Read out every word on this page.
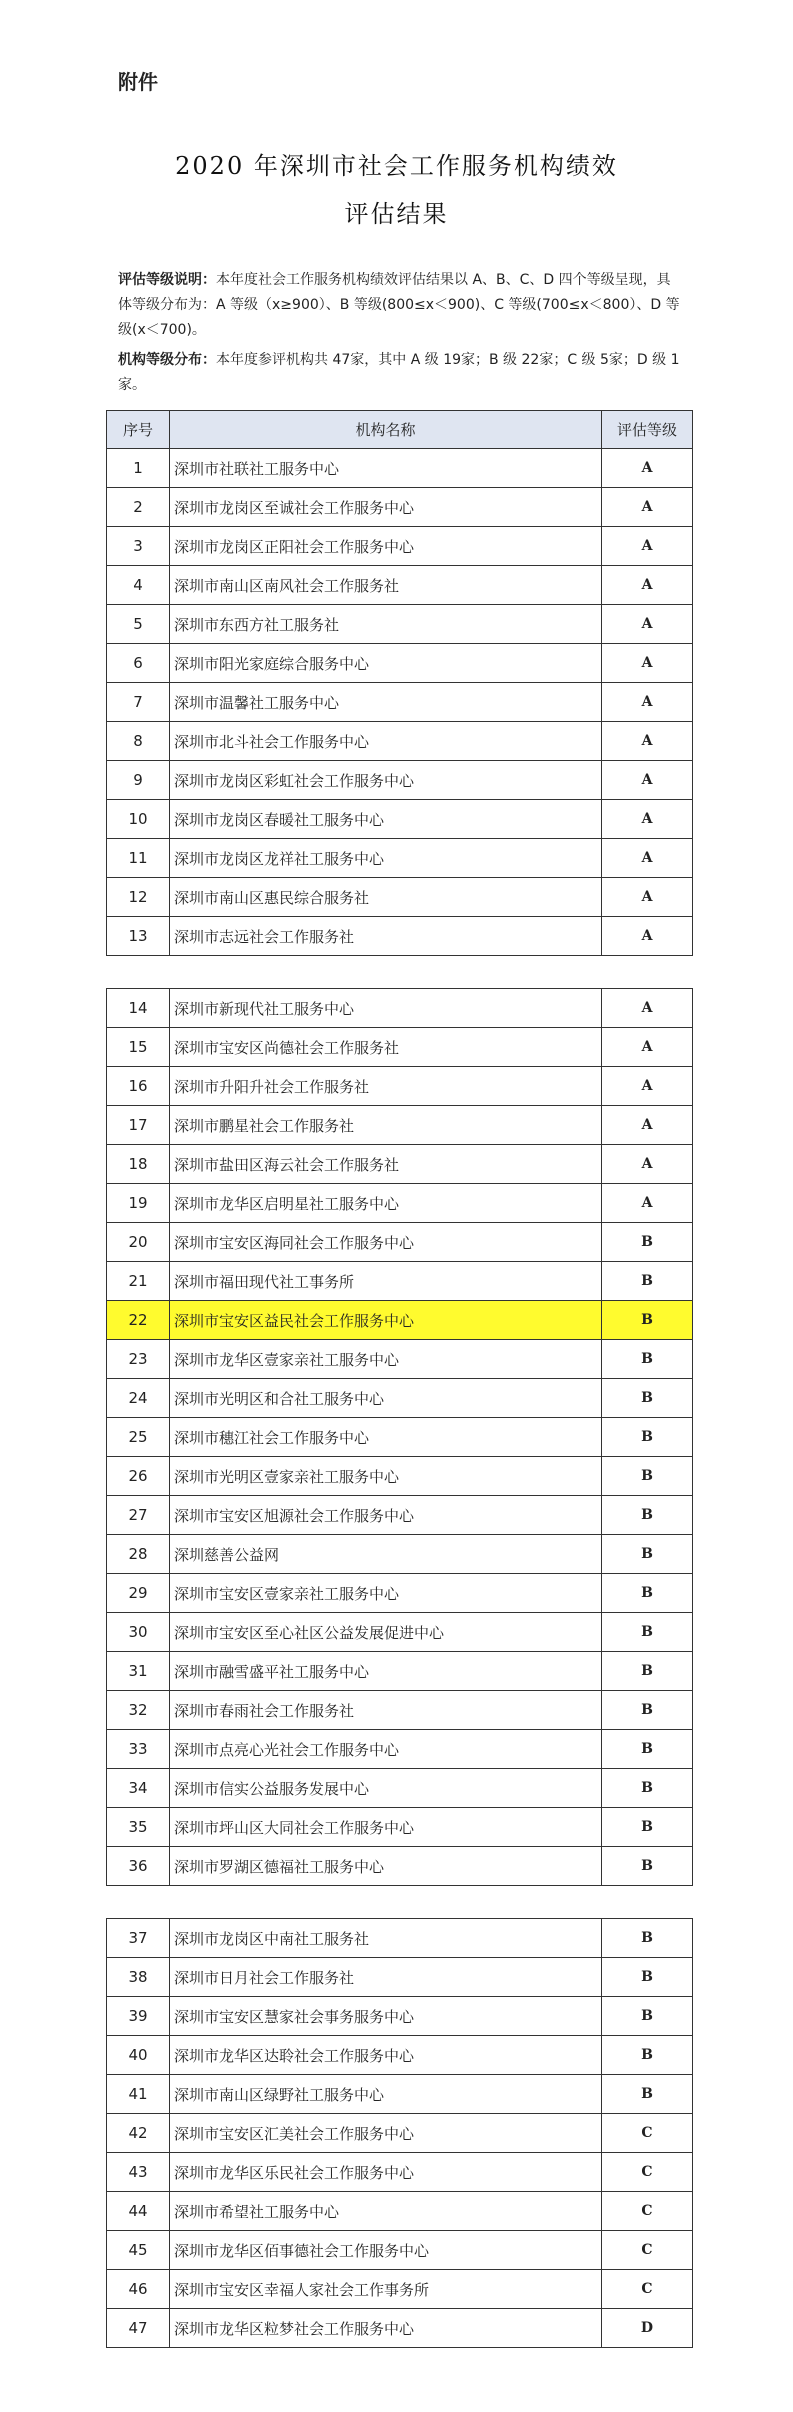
附件
2020 年深圳市社会工作服务机构绩效
评估结果
评估等级说明：本年度社会工作服务机构绩效评估结果以 A、B、C、D 四个等级呈现，具体等级分布为：A 等级（x≥900）、B 等级(800≤x＜900)、C 等级(700≤x＜800）、D 等级(x＜700)。
机构等级分布：本年度参评机构共 47家，其中 A 级 19家；B 级 22家；C 级 5家；D 级 1家。
序号	机构名称	评估等级
1	深圳市社联社工服务中心	A
2	深圳市龙岗区至诚社会工作服务中心	A
3	深圳市龙岗区正阳社会工作服务中心	A
4	深圳市南山区南风社会工作服务社	A
5	深圳市东西方社工服务社	A
6	深圳市阳光家庭综合服务中心	A
7	深圳市温馨社工服务中心	A
8	深圳市北斗社会工作服务中心	A
9	深圳市龙岗区彩虹社会工作服务中心	A
10	深圳市龙岗区春暖社工服务中心	A
11	深圳市龙岗区龙祥社工服务中心	A
12	深圳市南山区惠民综合服务社	A
13	深圳市志远社会工作服务社	A
14	深圳市新现代社工服务中心	A
15	深圳市宝安区尚德社会工作服务社	A
16	深圳市升阳升社会工作服务社	A
17	深圳市鹏星社会工作服务社	A
18	深圳市盐田区海云社会工作服务社	A
19	深圳市龙华区启明星社工服务中心	A
20	深圳市宝安区海同社会工作服务中心	B
21	深圳市福田现代社工事务所	B
22	深圳市宝安区益民社会工作服务中心	B
23	深圳市龙华区壹家亲社工服务中心	B
24	深圳市光明区和合社工服务中心	B
25	深圳市穗江社会工作服务中心	B
26	深圳市光明区壹家亲社工服务中心	B
27	深圳市宝安区旭源社会工作服务中心	B
28	深圳慈善公益网	B
29	深圳市宝安区壹家亲社工服务中心	B
30	深圳市宝安区至心社区公益发展促进中心	B
31	深圳市融雪盛平社工服务中心	B
32	深圳市春雨社会工作服务社	B
33	深圳市点亮心光社会工作服务中心	B
34	深圳市信实公益服务发展中心	B
35	深圳市坪山区大同社会工作服务中心	B
36	深圳市罗湖区德福社工服务中心	B
37	深圳市龙岗区中南社工服务社	B
38	深圳市日月社会工作服务社	B
39	深圳市宝安区慧家社会事务服务中心	B
40	深圳市龙华区达聆社会工作服务中心	B
41	深圳市南山区绿野社工服务中心	B
42	深圳市宝安区汇美社会工作服务中心	C
43	深圳市龙华区乐民社会工作服务中心	C
44	深圳市希望社工服务中心	C
45	深圳市龙华区佰事德社会工作服务中心	C
46	深圳市宝安区幸福人家社会工作事务所	C
47	深圳市龙华区粒梦社会工作服务中心	D
